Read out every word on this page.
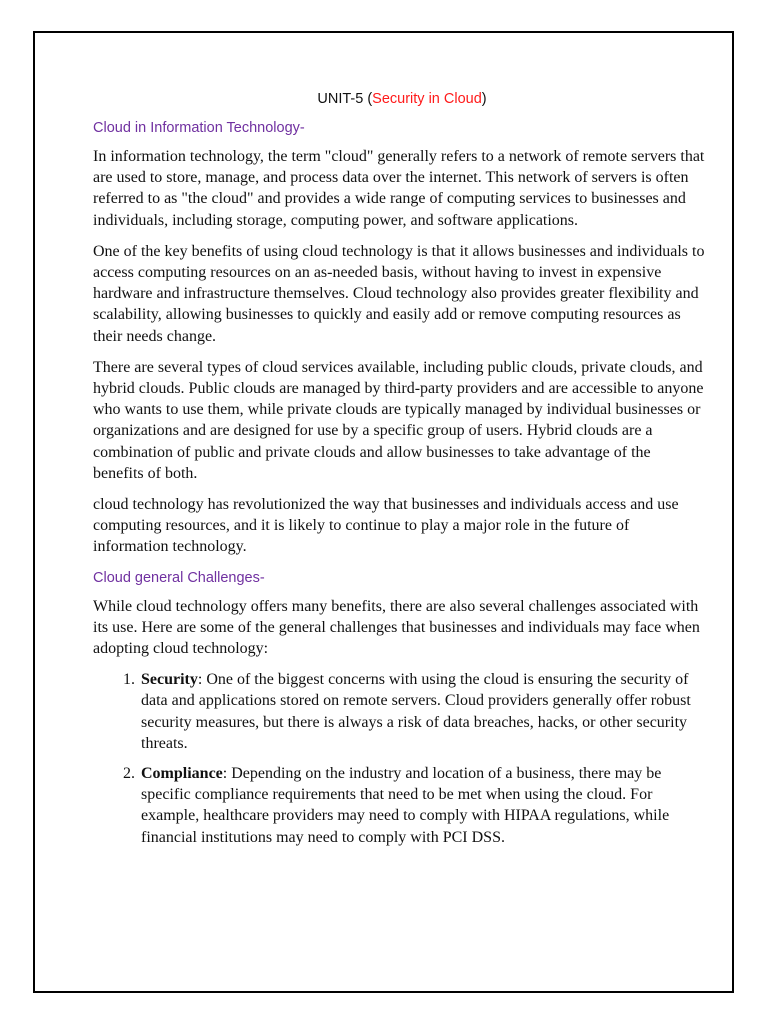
UNIT-5 (Security in Cloud)
Cloud in Information Technology-

In information technology, the term "cloud" generally refers to a network of remote servers that are used to store, manage, and process data over the internet. This network of servers is often referred to as "the cloud" and provides a wide range of computing services to businesses and individuals, including storage, computing power, and software applications.

One of the key benefits of using cloud technology is that it allows businesses and individuals to access computing resources on an as-needed basis, without having to invest in expensive hardware and infrastructure themselves. Cloud technology also provides greater flexibility and scalability, allowing businesses to quickly and easily add or remove computing resources as their needs change.

There are several types of cloud services available, including public clouds, private clouds, and hybrid clouds. Public clouds are managed by third-party providers and are accessible to anyone who wants to use them, while private clouds are typically managed by individual businesses or organizations and are designed for use by a specific group of users. Hybrid clouds are a combination of public and private clouds and allow businesses to take advantage of the benefits of both.

cloud technology has revolutionized the way that businesses and individuals access and use computing resources, and it is likely to continue to play a major role in the future of information technology.

Cloud general Challenges-

While cloud technology offers many benefits, there are also several challenges associated with its use. Here are some of the general challenges that businesses and individuals may face when adopting cloud technology:

1. Security: One of the biggest concerns with using the cloud is ensuring the security of data and applications stored on remote servers. Cloud providers generally offer robust security measures, but there is always a risk of data breaches, hacks, or other security threats.
2. Compliance: Depending on the industry and location of a business, there may be specific compliance requirements that need to be met when using the cloud. For example, healthcare providers may need to comply with HIPAA regulations, while financial institutions may need to comply with PCI DSS.
